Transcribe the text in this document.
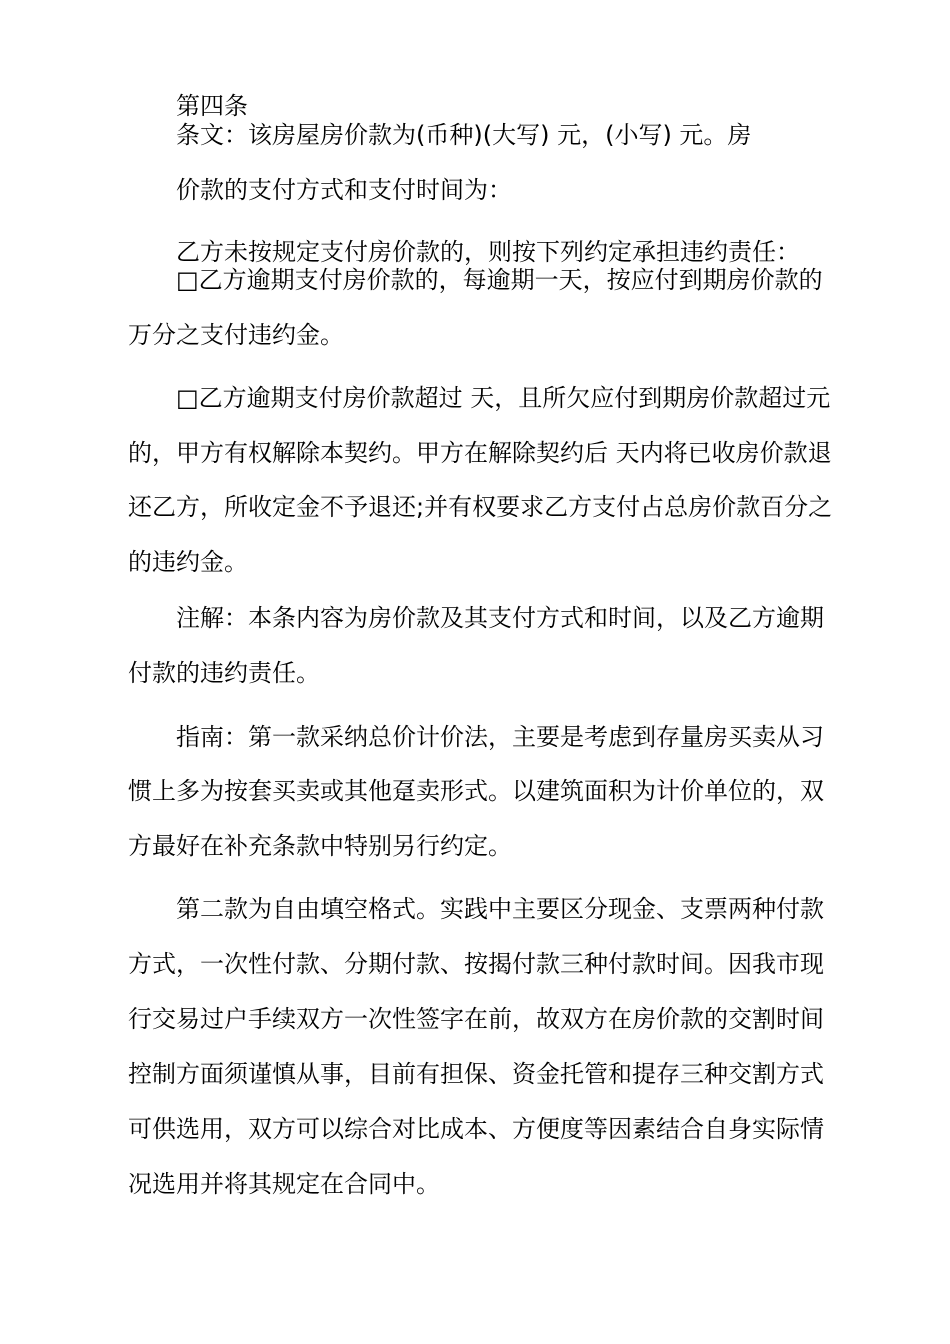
第四条
条文：该房屋房价款为(币种)(大写) 元，(小写) 元。房
价款的支付方式和支付时间为：
乙方未按规定支付房价款的，则按下列约定承担违约责任：
□乙方逾期支付房价款的，每逾期一天，按应付到期房价款的
万分之支付违约金。
□乙方逾期支付房价款超过 天，且所欠应付到期房价款超过元
的，甲方有权解除本契约。甲方在解除契约后 天内将已收房价款退
还乙方，所收定金不予退还;并有权要求乙方支付占总房价款百分之
的违约金。
注解：本条内容为房价款及其支付方式和时间，以及乙方逾期
付款的违约责任。
指南：第一款采纳总价计价法，主要是考虑到存量房买卖从习
惯上多为按套买卖或其他趸卖形式。以建筑面积为计价单位的，双
方最好在补充条款中特别另行约定。
第二款为自由填空格式。实践中主要区分现金、支票两种付款
方式，一次性付款、分期付款、按揭付款三种付款时间。因我市现
行交易过户手续双方一次性签字在前，故双方在房价款的交割时间
控制方面须谨慎从事，目前有担保、资金托管和提存三种交割方式
可供选用，双方可以综合对比成本、方便度等因素结合自身实际情
况选用并将其规定在合同中。
